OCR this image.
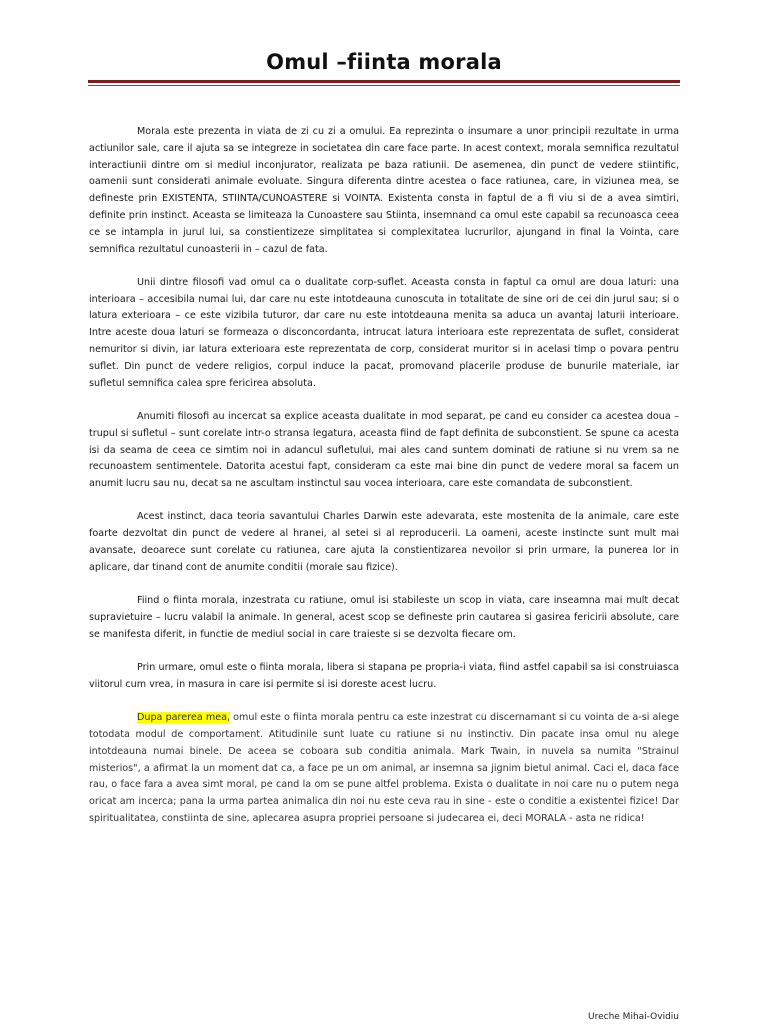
Omul –fiinta morala

Morala este prezenta in viata de zi cu zi a omului. Ea reprezinta o insumare a unor principii rezultate in urma actiunilor sale, care il ajuta sa se integreze in societatea din care face parte. In acest context, morala semnifica rezultatul interactiunii dintre om si mediul inconjurator, realizata pe baza ratiunii. De asemenea, din punct de vedere stiintific, oamenii sunt considerati animale evoluate. Singura diferenta dintre acestea o face ratiunea, care, in viziunea mea, se defineste prin EXISTENTA, STIINTA/CUNOASTERE si VOINTA. Existenta consta in faptul de a fi viu si de a avea simtiri, definite prin instinct. Aceasta se limiteaza la Cunoastere sau Stiinta, insemnand ca omul este capabil sa recunoasca ceea ce se intampla in jurul lui, sa constientizeze simplitatea si complexitatea lucrurilor, ajungand in final la Vointa, care semnifica rezultatul cunoasterii in – cazul de fata.

Unii dintre filosofi vad omul ca o dualitate corp-suflet. Aceasta consta in faptul ca omul are doua laturi: una interioara – accesibila numai lui, dar care nu este intotdeauna cunoscuta in totalitate de sine ori de cei din jurul sau; si o latura exterioara – ce este vizibila tuturor, dar care nu este intotdeauna menita sa aduca un avantaj laturii interioare. Intre aceste doua laturi se formeaza o disconcordanta, intrucat latura interioara este reprezentata de suflet, considerat nemuritor si divin, iar latura exterioara este reprezentata de corp, considerat muritor si in acelasi timp o povara pentru suflet. Din punct de vedere religios, corpul induce la pacat, promovand placerile produse de bunurile materiale, iar sufletul semnifica calea spre fericirea absoluta.

Anumiti filosofi au incercat sa explice aceasta dualitate in mod separat, pe cand eu consider ca acestea doua – trupul si sufletul – sunt corelate intr-o stransa legatura, aceasta fiind de fapt definita de subconstient. Se spune ca acesta isi da seama de ceea ce simtim noi in adancul sufletului, mai ales cand suntem dominati de ratiune si nu vrem sa ne recunoastem sentimentele. Datorita acestui fapt, consideram ca este mai bine din punct de vedere moral sa facem un anumit lucru sau nu, decat sa ne ascultam instinctul sau vocea interioara, care este comandata de subconstient.

Acest instinct, daca teoria savantului Charles Darwin este adevarata, este mostenita de la animale, care este foarte dezvoltat din punct de vedere al hranei, al setei si al reproducerii. La oameni, aceste instincte sunt mult mai avansate, deoarece sunt corelate cu ratiunea, care ajuta la constientizarea nevoilor si prin urmare, la punerea lor in aplicare, dar tinand cont de anumite conditii (morale sau fizice).

Fiind o fiinta morala, inzestrata cu ratiune, omul isi stabileste un scop in viata, care inseamna mai mult decat supravietuire – lucru valabil la animale. In general, acest scop se defineste prin cautarea si gasirea fericirii absolute, care se manifesta diferit, in functie de mediul social in care traieste si se dezvolta fiecare om.

Prin urmare, omul este o fiinta morala, libera si stapana pe propria-i viata, fiind astfel capabil sa isi construiasca viitorul cum vrea, in masura in care isi permite si isi doreste acest lucru.

Dupa parerea mea, omul este o fiinta morala pentru ca este inzestrat cu discernamant si cu vointa de a-si alege totodata modul de comportament. Atitudinile sunt luate cu ratiune si nu instinctiv. Din pacate insa omul nu alege intotdeauna numai binele. De aceea se coboara sub conditia animala. Mark Twain, in nuvela sa numita "Strainul misterios", a afirmat la un moment dat ca, a face pe un om animal, ar insemna sa jignim bietul animal. Caci el, daca face rau, o face fara a avea simt moral, pe cand la om se pune altfel problema. Exista o dualitate in noi care nu o putem nega oricat am incerca; pana la urma partea animalica din noi nu este ceva rau in sine - este o conditie a existentei fizice! Dar spiritualitatea, constiinta de sine, aplecarea asupra propriei persoane si judecarea ei, deci MORALA - asta ne ridica!

Ureche Mihai-Ovidiu
